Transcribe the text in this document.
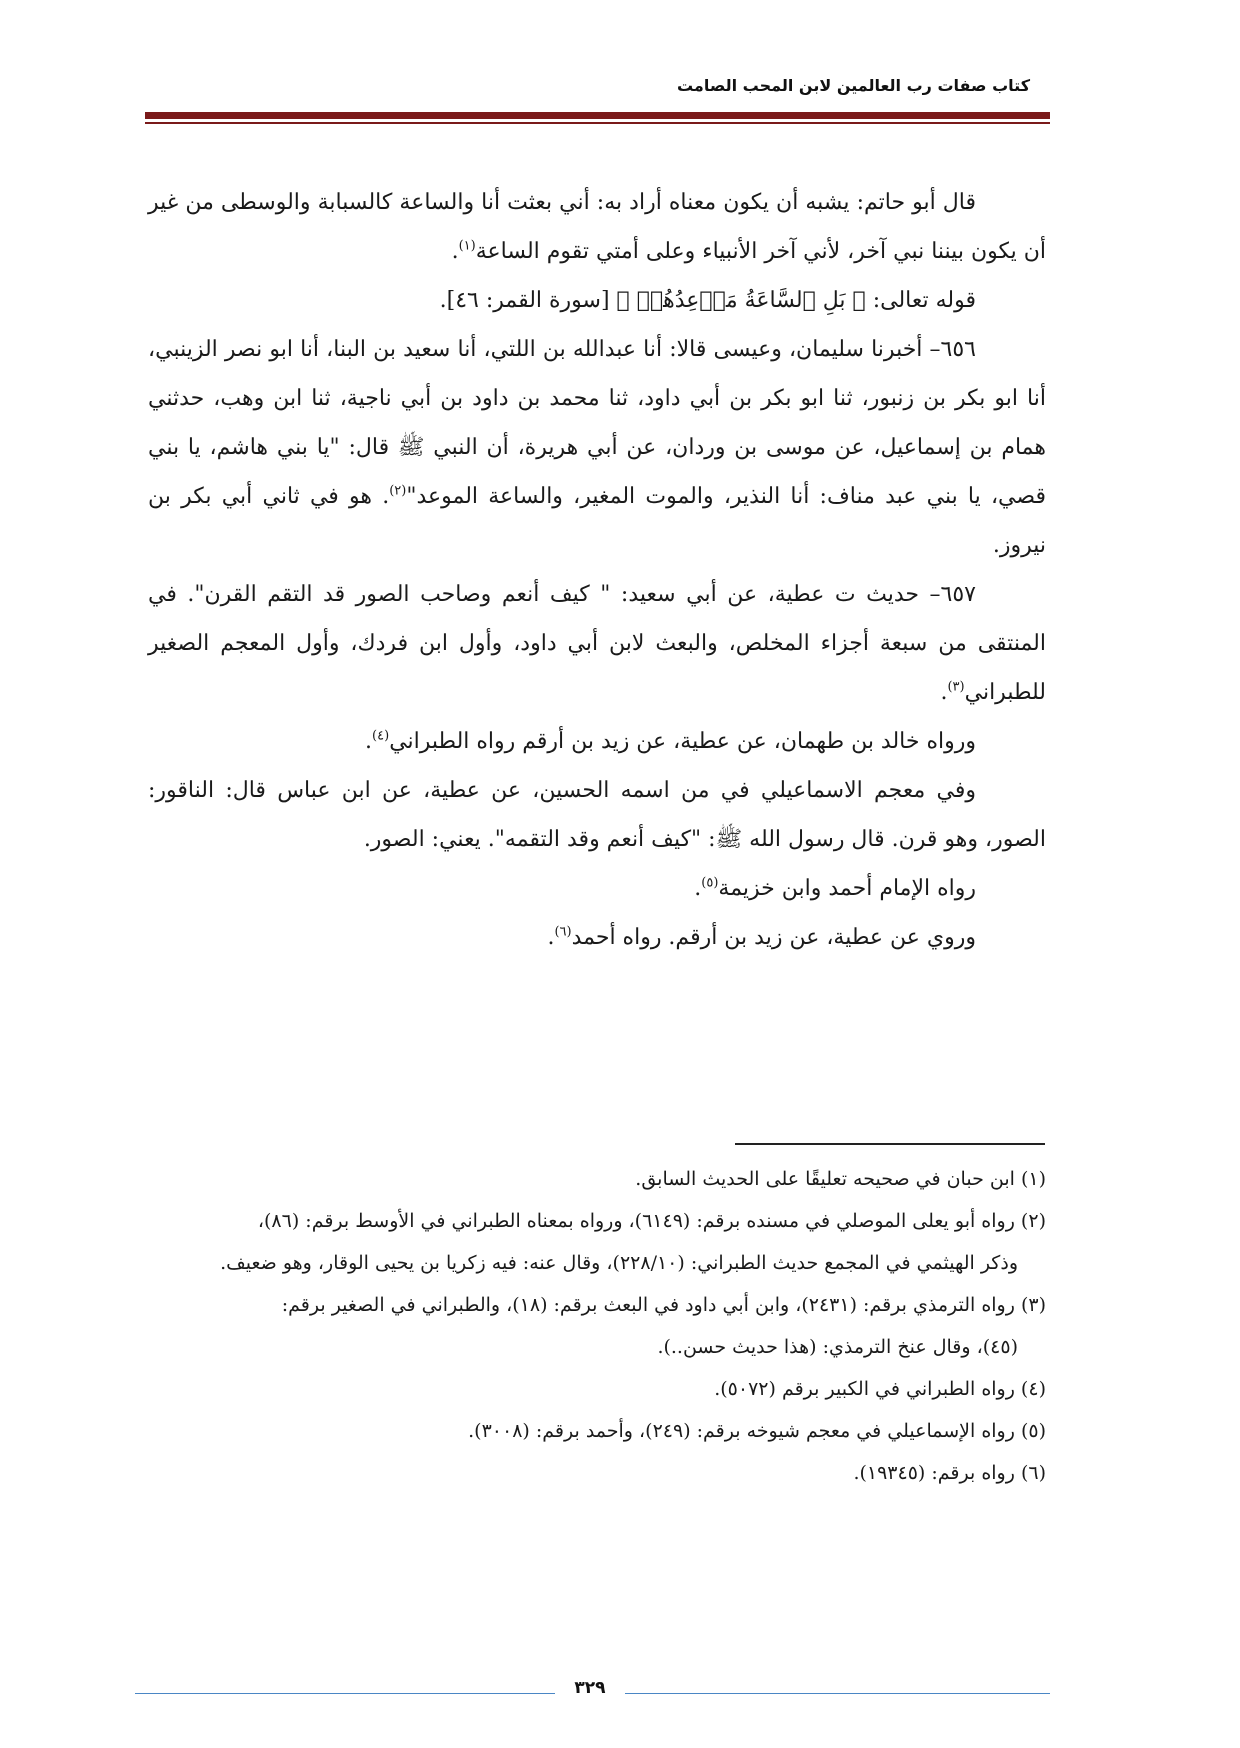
كتاب صفات رب العالمين لابن المحب الصامت

قال أبو حاتم: يشبه أن يكون معناه أراد به: أني بعثت أنا والساعة كالسبابة والوسطى من غير أن يكون بيننا نبي آخر، لأني آخر الأنبياء وعلى أمتي تقوم الساعة$^{(١)}$.

قوله تعالى: ﴿ بَلِ ٱلسَّاعَةُ مَوۡعِدُهُمۡ ﴾ [سورة القمر: ٤٦].

٦٥٦– أخبرنا سليمان، وعيسى قالا: أنا عبدالله بن اللتي، أنا سعيد بن البنا، أنا ابو نصر الزينبي، أنا ابو بكر بن زنبور، ثنا ابو بكر بن أبي داود، ثنا محمد بن داود بن أبي ناجية، ثنا ابن وهب، حدثني همام بن إسماعيل، عن موسى بن وردان، عن أبي هريرة، أن النبي ﷺ قال: "يا بني هاشم، يا بني قصي، يا بني عبد مناف: أنا النذير، والموت المغير، والساعة الموعد"$^{(٢)}$. هو في ثاني أبي بكر بن نيروز.

٦٥٧– حديث ت عطية، عن أبي سعيد: " كيف أنعم وصاحب الصور قد التقم القرن". في المنتقى من سبعة أجزاء المخلص، والبعث لابن أبي داود، وأول ابن فردك، وأول المعجم الصغير للطبراني$^{(٣)}$.

ورواه خالد بن طهمان، عن عطية، عن زيد بن أرقم رواه الطبراني$^{(٤)}$.

وفي معجم الاسماعيلي في من اسمه الحسين، عن عطية، عن ابن عباس قال: الناقور: الصور، وهو قرن. قال رسول الله ﷺ: "كيف أنعم وقد التقمه". يعني: الصور.

رواه الإمام أحمد وابن خزيمة$^{(٥)}$.

وروي عن عطية، عن زيد بن أرقم. رواه أحمد$^{(٦)}$.

(١) ابن حبان في صحيحه تعليقًا على الحديث السابق.

(٢) رواه أبو يعلى الموصلي في مسنده برقم: (٦١٤٩)، ورواه بمعناه الطبراني في الأوسط برقم: (٨٦)،
وذكر الهيثمي في المجمع حديث الطبراني: (٢٢٨/١٠)، وقال عنه: فيه زكريا بن يحيى الوقار، وهو ضعيف.

(٣) رواه الترمذي برقم: (٢٤٣١)، وابن أبي داود في البعث برقم: (١٨)، والطبراني في الصغير برقم:
(٤٥)، وقال عنخ الترمذي: (هذا حديث حسن..).

(٤) رواه الطبراني في الكبير برقم (٥٠٧٢).

(٥) رواه الإسماعيلي في معجم شيوخه برقم: (٢٤٩)، وأحمد برقم: (٣٠٠٨).

(٦) رواه برقم: (١٩٣٤٥).

٣٢٩
